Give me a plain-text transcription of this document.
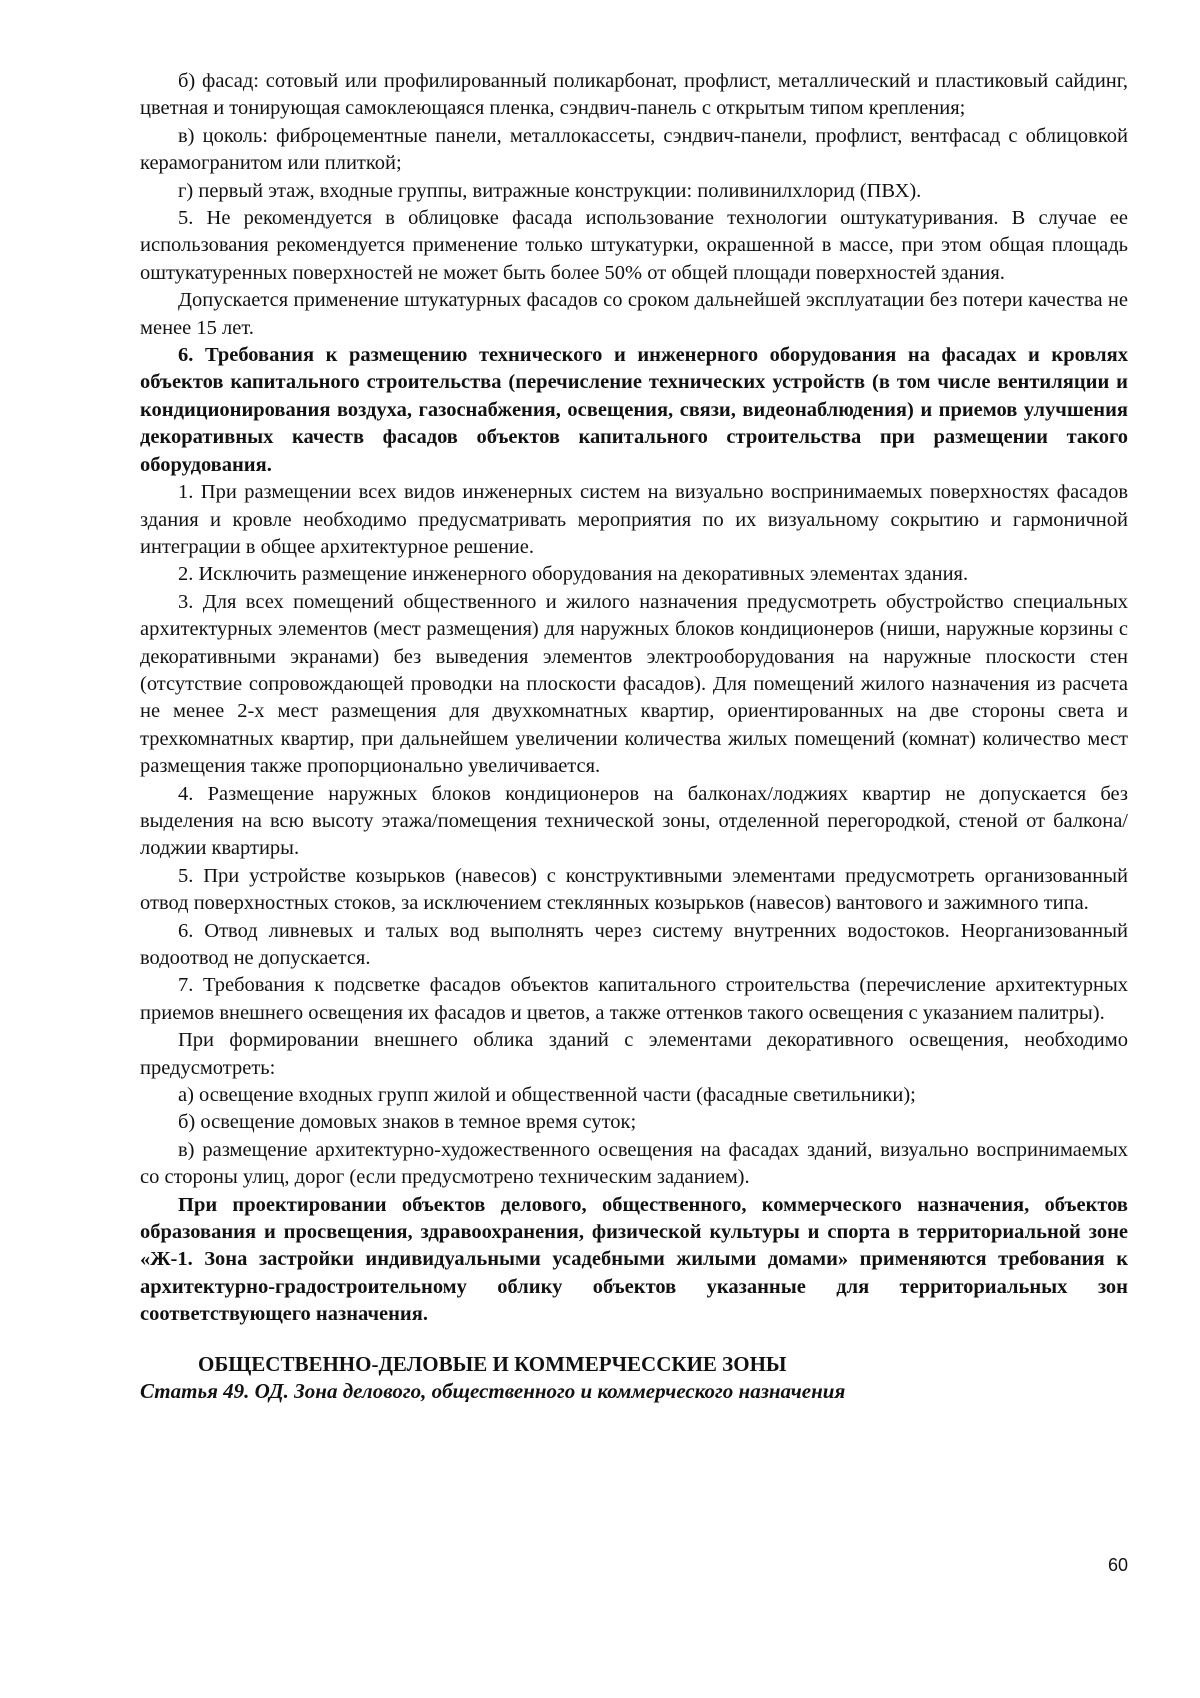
б) фасад: сотовый или профилированный поликарбонат, профлист, металлический и пластиковый сайдинг, цветная и тонирующая самоклеющаяся пленка, сэндвич-панель с открытым типом крепления;

в) цоколь: фиброцементные панели, металлокассеты, сэндвич-панели, профлист, вентфасад с облицовкой керамогранитом или плиткой;

г) первый этаж, входные группы, витражные конструкции: поливинилхлорид (ПВХ).

5. Не рекомендуется в облицовке фасада использование технологии оштукатуривания. В случае ее использования рекомендуется применение только штукатурки, окрашенной в массе, при этом общая площадь оштукатуренных поверхностей не может быть более 50% от общей площади поверхностей здания.

Допускается применение штукатурных фасадов со сроком дальнейшей эксплуатации без потери качества не менее 15 лет.

6. Требования к размещению технического и инженерного оборудования на фасадах и кровлях объектов капитального строительства (перечисление технических устройств (в том числе вентиляции и кондиционирования воздуха, газоснабжения, освещения, связи, видеонаблюдения) и приемов улучшения декоративных качеств фасадов объектов капитального строительства при размещении такого оборудования.

1. При размещении всех видов инженерных систем на визуально воспринимаемых поверхностях фасадов здания и кровле необходимо предусматривать мероприятия по их визуальному сокрытию и гармоничной интеграции в общее архитектурное решение.

2. Исключить размещение инженерного оборудования на декоративных элементах здания.

3. Для всех помещений общественного и жилого назначения предусмотреть обустройство специальных архитектурных элементов (мест размещения) для наружных блоков кондиционеров (ниши, наружные корзины с декоративными экранами) без выведения элементов электрооборудования на наружные плоскости стен (отсутствие сопровождающей проводки на плоскости фасадов). Для помещений жилого назначения из расчета не менее 2-х мест размещения для двухкомнатных квартир, ориентированных на две стороны света и трехкомнатных квартир, при дальнейшем увеличении количества жилых помещений (комнат) количество мест размещения также пропорционально увеличивается.

4. Размещение наружных блоков кондиционеров на балконах/лоджиях квартир не допускается без выделения на всю высоту этажа/помещения технической зоны, отделенной перегородкой, стеной от балкона/лоджии квартиры.

5. При устройстве козырьков (навесов) с конструктивными элементами предусмотреть организованный отвод поверхностных стоков, за исключением стеклянных козырьков (навесов) вантового и зажимного типа.

6. Отвод ливневых и талых вод выполнять через систему внутренних водостоков. Неорганизованный водоотвод не допускается.

7. Требования к подсветке фасадов объектов капитального строительства (перечисление архитектурных приемов внешнего освещения их фасадов и цветов, а также оттенков такого освещения с указанием палитры).

При формировании внешнего облика зданий с элементами декоративного освещения, необходимо предусмотреть:

а) освещение входных групп жилой и общественной части (фасадные светильники);

б) освещение домовых знаков в темное время суток;

в) размещение архитектурно-художественного освещения на фасадах зданий, визуально воспринимаемых со стороны улиц, дорог (если предусмотрено техническим заданием).

При проектировании объектов делового, общественного, коммерческого назначения, объектов образования и просвещения, здравоохранения, физической культуры и спорта в территориальной зоне «Ж-1. Зона застройки индивидуальными усадебными жилыми домами» применяются требования к архитектурно-градостроительному облику объектов указанные для территориальных зон соответствующего назначения.

ОБЩЕСТВЕННО-ДЕЛОВЫЕ И КОММЕРЧЕССКИЕ ЗОНЫ

Статья 49. ОД. Зона делового, общественного и коммерческого назначения

60
